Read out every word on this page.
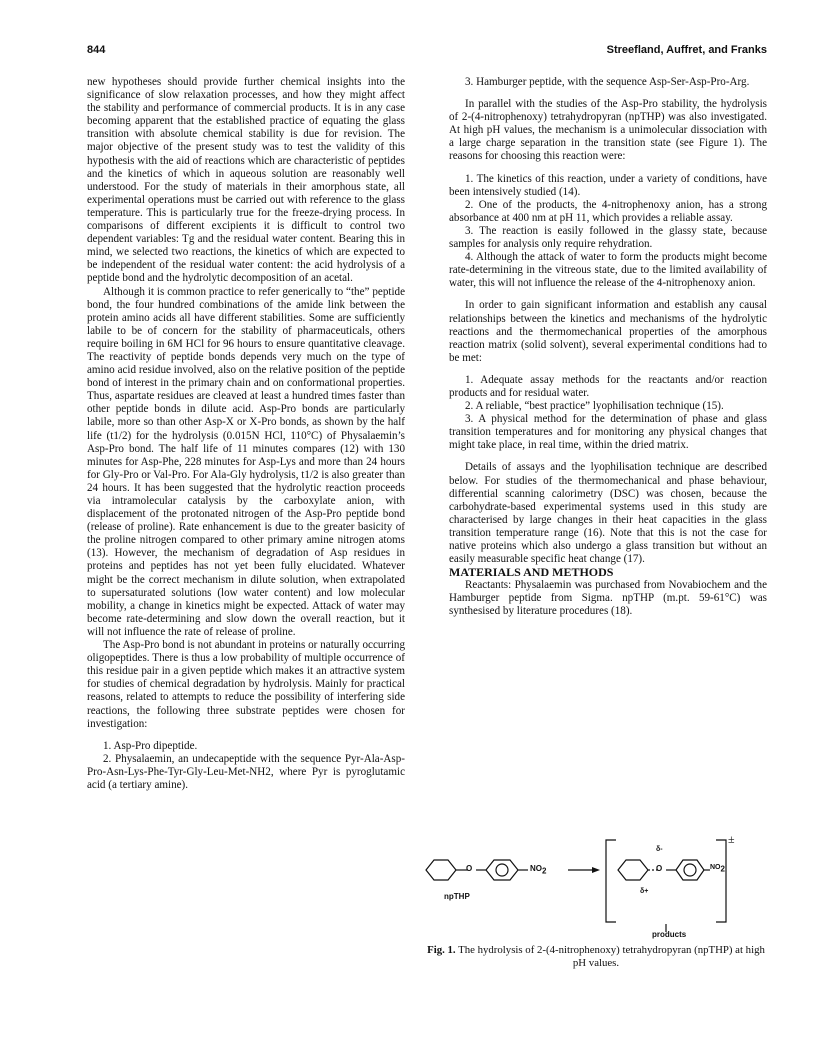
844	Streefland, Auffret, and Franks

new hypotheses should provide further chemical insights into the significance of slow relaxation processes, and how they might affect the stability and performance of commercial products. It is in any case becoming apparent that the established practice of equating the glass transition with absolute chemical stability is due for revision. The major objective of the present study was to test the validity of this hypothesis with the aid of reactions which are characteristic of peptides and the kinetics of which in aqueous solution are reasonably well understood. For the study of materials in their amorphous state, all experimental operations must be carried out with reference to the glass temperature. This is particularly true for the freeze-drying process. In comparisons of different excipients it is difficult to control two dependent variables: Tg and the residual water content. Bearing this in mind, we selected two reactions, the kinetics of which are expected to be independent of the residual water content: the acid hydrolysis of a peptide bond and the hydrolytic decomposition of an acetal.

Although it is common practice to refer generically to “the” peptide bond, the four hundred combinations of the amide link between the protein amino acids all have different stabilities. Some are sufficiently labile to be of concern for the stability of pharmaceuticals, others require boiling in 6M HCl for 96 hours to ensure quantitative cleavage. The reactivity of peptide bonds depends very much on the type of amino acid residue involved, also on the relative position of the peptide bond of interest in the primary chain and on conformational properties. Thus, aspartate residues are cleaved at least a hundred times faster than other peptide bonds in dilute acid. Asp-Pro bonds are particularly labile, more so than other Asp-X or X-Pro bonds, as shown by the half life (t1/2) for the hydrolysis (0.015N HCl, 110°C) of Physalaemin’s Asp-Pro bond. The half life of 11 minutes compares (12) with 130 minutes for Asp-Phe, 228 minutes for Asp-Lys and more than 24 hours for Gly-Pro or Val-Pro. For Ala-Gly hydrolysis, t1/2 is also greater than 24 hours. It has been suggested that the hydrolytic reaction proceeds via intramolecular catalysis by the carboxylate anion, with displacement of the protonated nitrogen of the Asp-Pro peptide bond (release of proline). Rate enhancement is due to the greater basicity of the proline nitrogen compared to other primary amine nitrogen atoms (13). However, the mechanism of degradation of Asp residues in proteins and peptides has not yet been fully elucidated. Whatever might be the correct mechanism in dilute solution, when extrapolated to supersaturated solutions (low water content) and low molecular mobility, a change in kinetics might be expected. Attack of water may become rate-determining and slow down the overall reaction, but it will not influence the rate of release of proline.

The Asp-Pro bond is not abundant in proteins or naturally occurring oligopeptides. There is thus a low probability of multiple occurrence of this residue pair in a given peptide which makes it an attractive system for studies of chemical degradation by hydrolysis. Mainly for practical reasons, related to attempts to reduce the possibility of interfering side reactions, the following three substrate peptides were chosen for investigation:

1. Asp-Pro dipeptide.

2. Physalaemin, an undecapeptide with the sequence Pyr-Ala-Asp-Pro-Asn-Lys-Phe-Tyr-Gly-Leu-Met-NH2, where Pyr is pyroglutamic acid (a tertiary amine).

3. Hamburger peptide, with the sequence Asp-Ser-Asp-Pro-Arg.

In parallel with the studies of the Asp-Pro stability, the hydrolysis of 2-(4-nitrophenoxy) tetrahydropyran (npTHP) was also investigated. At high pH values, the mechanism is a unimolecular dissociation with a large charge separation in the transition state (see Figure 1). The reasons for choosing this reaction were:

1. The kinetics of this reaction, under a variety of conditions, have been intensively studied (14).

2. One of the products, the 4-nitrophenoxy anion, has a strong absorbance at 400 nm at pH 11, which provides a reliable assay.

3. The reaction is easily followed in the glassy state, because samples for analysis only require rehydration.

4. Although the attack of water to form the products might become rate-determining in the vitreous state, due to the limited availability of water, this will not influence the release of the 4-nitrophenoxy anion.

In order to gain significant information and establish any causal relationships between the kinetics and mechanisms of the hydrolytic reactions and the thermomechanical properties of the amorphous reaction matrix (solid solvent), several experimental conditions had to be met:

1. Adequate assay methods for the reactants and/or reaction products and for residual water.

2. A reliable, “best practice” lyophilisation technique (15).

3. A physical method for the determination of phase and glass transition temperatures and for monitoring any physical changes that might take place, in real time, within the dried matrix.

Details of assays and the lyophilisation technique are described below. For studies of the thermomechanical and phase behaviour, differential scanning calorimetry (DSC) was chosen, because the carbohydrate-based experimental systems used in this study are characterised by large changes in their heat capacities in the glass transition temperature range (16). Note that this is not the case for native proteins which also undergo a glass transition but without an easily measurable specific heat change (17).

MATERIALS AND METHODS

Reactants: Physalaemin was purchased from Novabiochem and the Hamburger peptide from Sigma. npTHP (m.pt. 59-61°C) was synthesised by literature procedures (18).

O	$NO_2$
npTHP
O
δ-
δ+
$NO_2$
±
products
Fig. 1. The hydrolysis of 2-(4-nitrophenoxy) tetrahydropyran (npTHP) at high pH values.
